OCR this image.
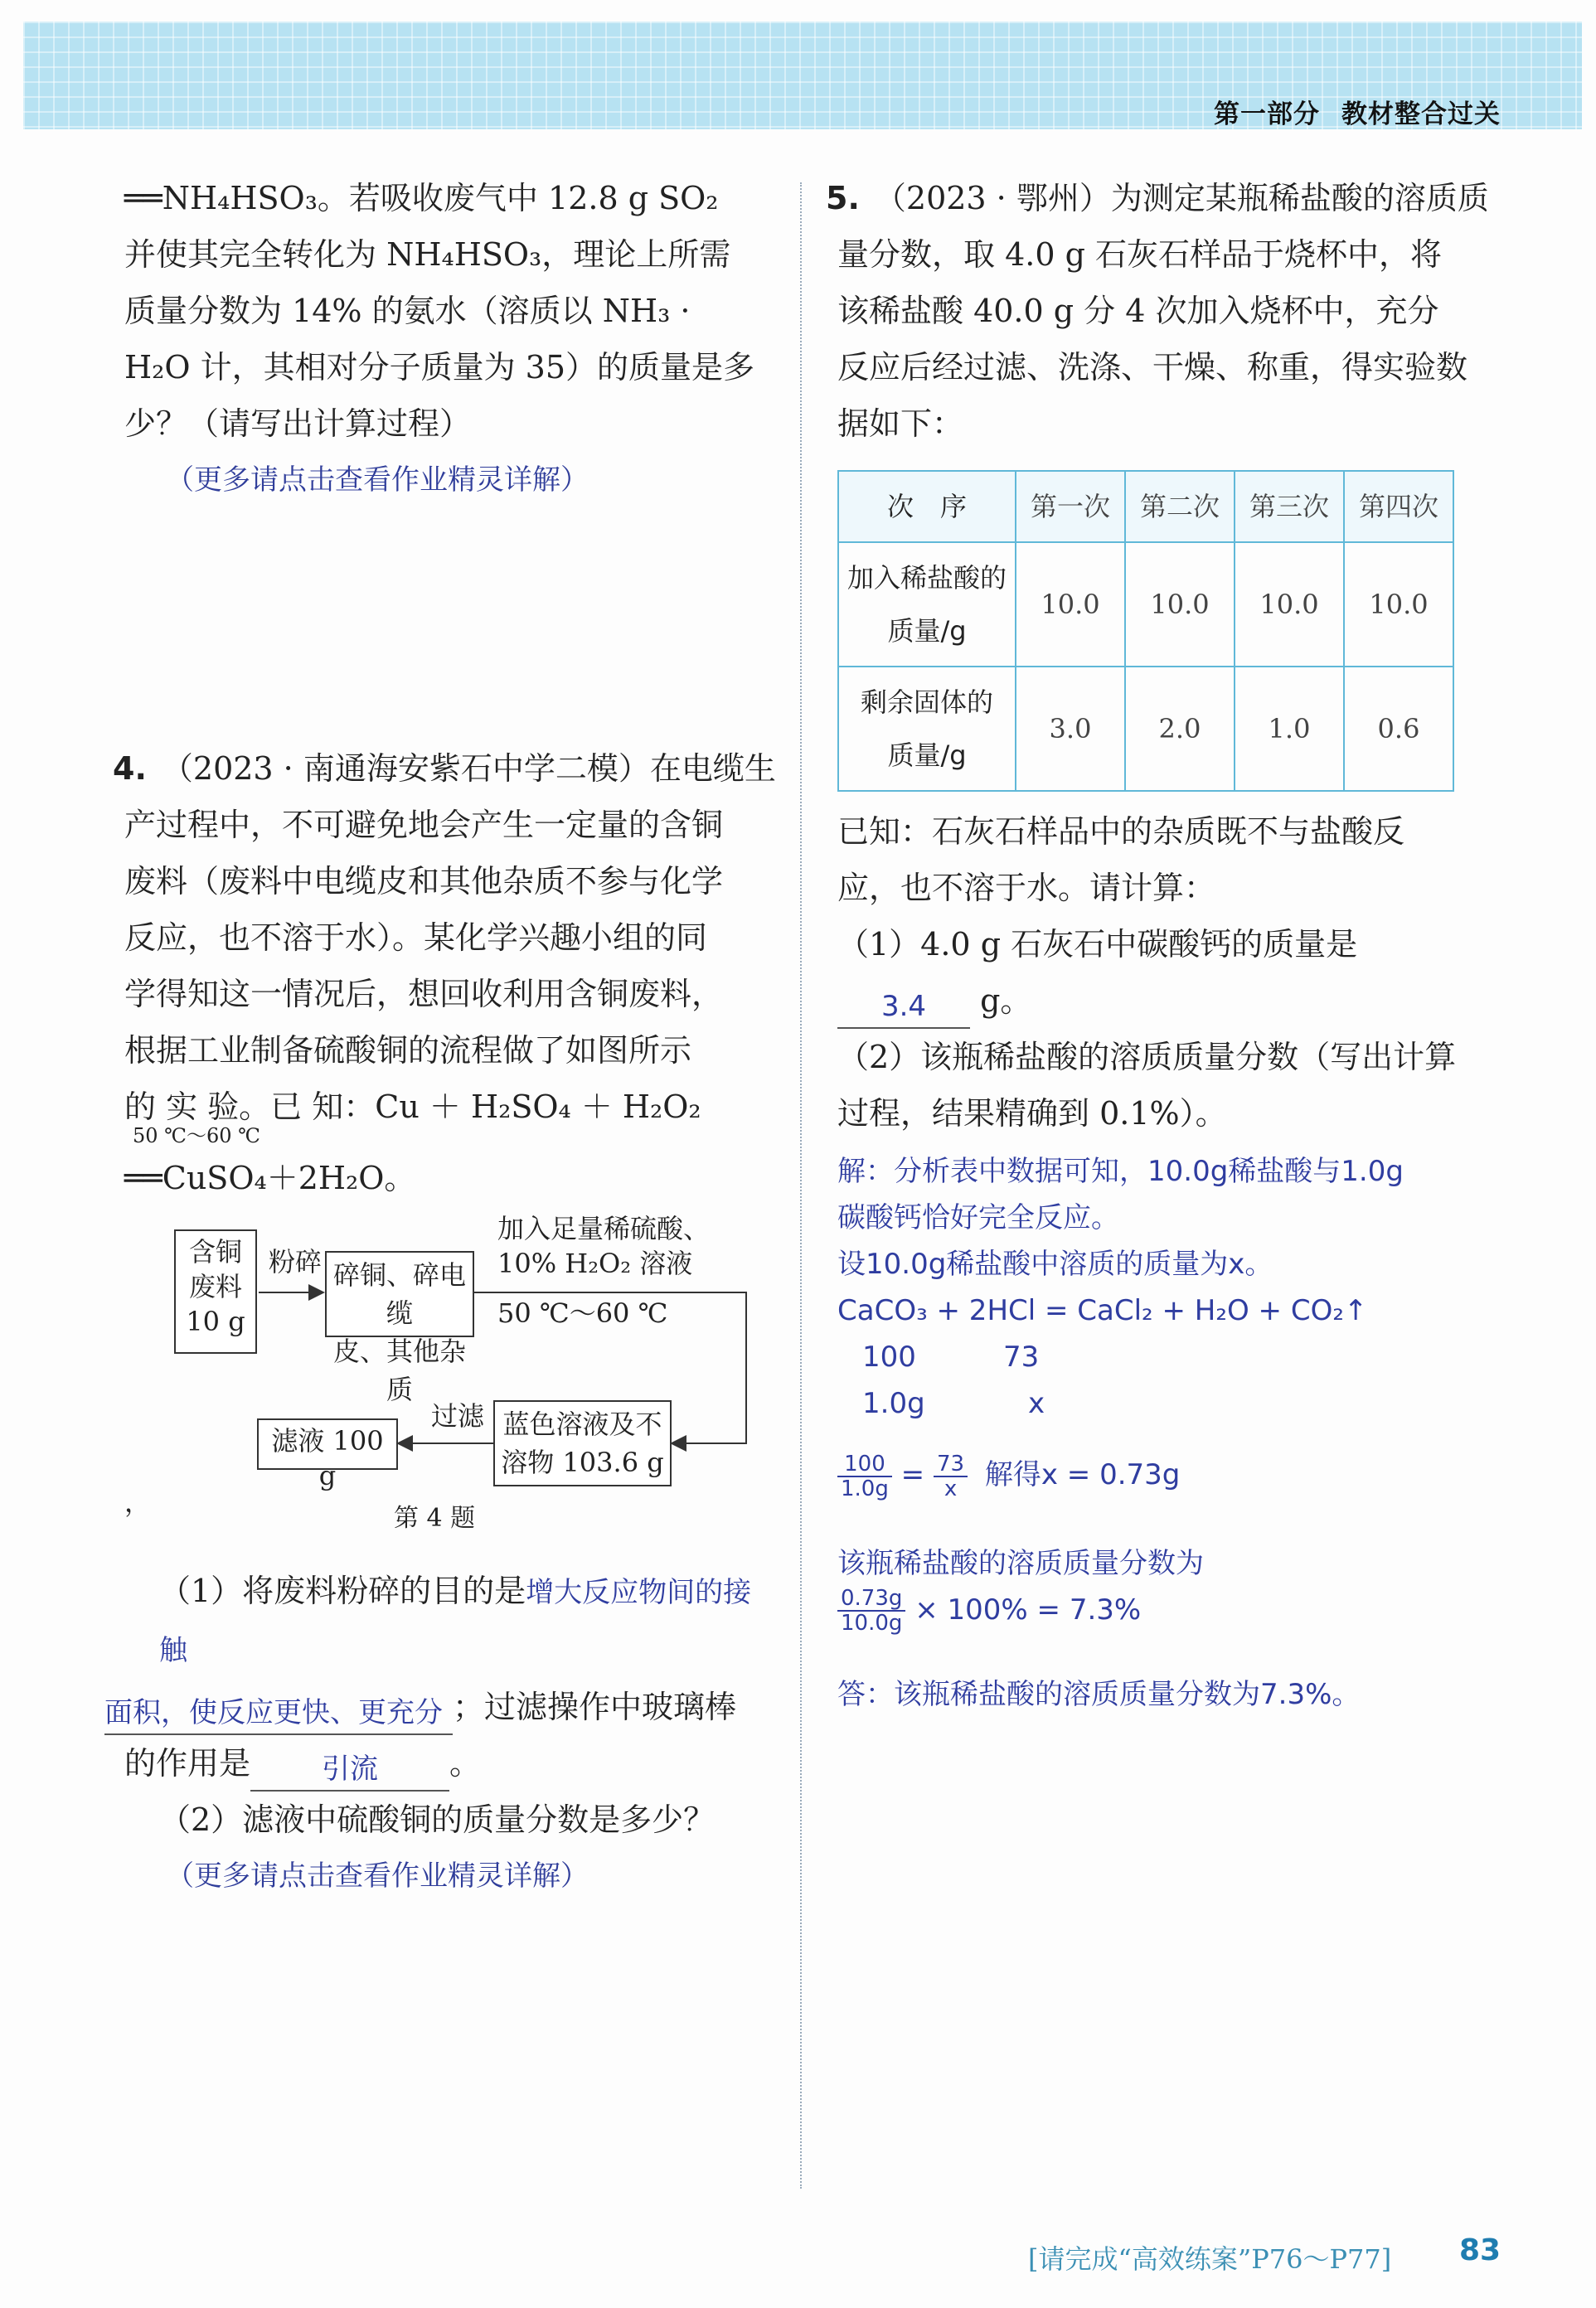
第一部分 教材整合过关

══NH₄HSO₃。若吸收废气中 12.8 g SO₂

并使其完全转化为 NH₄HSO₃，理论上所需

质量分数为 14% 的氨水（溶质以 NH₃ ·

H₂O 计，其相对分子质量为 35）的质量是多

少？（请写出计算过程）

（更多请点击查看作业精灵详解）

4. （2023 · 南通海安紫石中学二模）在电缆生

产过程中，不可避免地会产生一定量的含铜

废料（废料中电缆皮和其他杂质不参与化学

反应，也不溶于水）。某化学兴趣小组的同

学得知这一情况后，想回收利用含铜废料，

根据工业制备硫酸铜的流程做了如图所示

的 实 验。已 知：Cu ＋ H₂SO₄ ＋ H₂O₂

50 ℃～60 ℃
══CuSO₄＋2H₂O。

含铜
废料
10 g
粉碎 碎铜、碎电缆
皮、其他杂质
加入足量稀硫酸、
10% H₂O₂ 溶液
50 ℃～60 ℃
蓝色溶液及不
溶物 103.6 g
过滤
滤液 100 g
，
第 4 题

（1）将废料粉碎的目的是增大反应物间的接触

面积，使反应更快、更充分 ；过滤操作中玻璃棒

的作用是	引流 。

（2）滤液中硫酸铜的质量分数是多少？

（更多请点击查看作业精灵详解）

5. （2023 · 鄂州）为测定某瓶稀盐酸的溶质质

量分数，取 4.0 g 石灰石样品于烧杯中，将

该稀盐酸 40.0 g 分 4 次加入烧杯中，充分

反应后经过滤、洗涤、干燥、称重，得实验数

据如下：

次　序	第一次	第二次	第三次	第四次

加入稀盐酸的
质量/g	10.0	10.0	10.0	10.0

剩余固体的
质量/g	3.0	2.0	1.0	0.6

已知：石灰石样品中的杂质既不与盐酸反

应，也不溶于水。请计算：

（1）4.0 g 石灰石中碳酸钙的质量是

3.4 g。

（2）该瓶稀盐酸的溶质质量分数（写出计算

过程，结果精确到 0.1%）。

解：分析表中数据可知，10.0g稀盐酸与1.0g
碳酸钙恰好完全反应。
设10.0g稀盐酸中溶质的质量为x。
CaCO₃ + 2HCl = CaCl₂ + H₂O + CO₂↑
100	73
1.0g	x
$\frac{100}{1.0g} = \frac{73}{x}$ 解得x = 0.73g
该瓶稀盐酸的溶质质量分数为
$\frac{0.73g}{10.0g} \times 100\% = 7.3\%$
答：该瓶稀盐酸的溶质质量分数为7.3%。
[请完成“高效练案”P76～P77] 83
